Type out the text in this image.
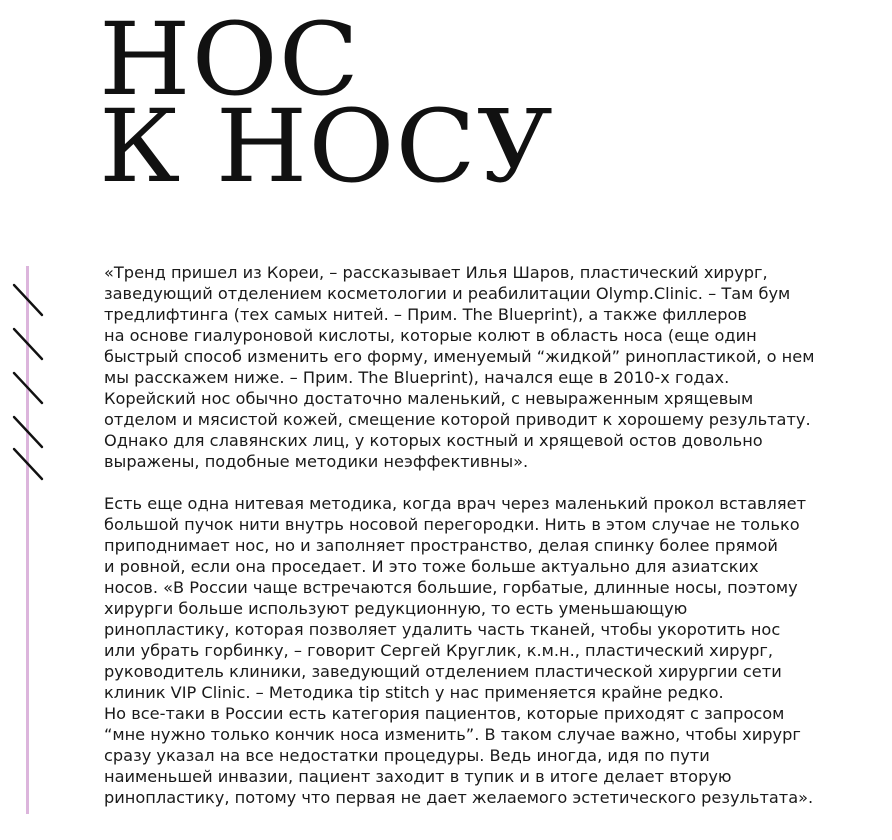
НОС
К НОСУ

«Тренд пришел из Кореи, – рассказывает Илья Шаров, пластический хирург,
заведующий отделением косметологии и реабилитации Olymp.Clinic. – Там бум
тредлифтинга (тех самых нитей. – Прим. The Blueprint), а также филлеров
на основе гиалуроновой кислоты, которые колют в область носа (еще один
быстрый способ изменить его форму, именуемый “жидкой” ринопластикой, о нем
мы расскажем ниже. – Прим. The Blueprint), начался еще в 2010-х годах.
Корейский нос обычно достаточно маленький, с невыраженным хрящевым
отделом и мясистой кожей, смещение которой приводит к хорошему результату.
Однако для славянских лиц, у которых костный и хрящевой остов довольно
выражены, подобные методики неэффективны».

Есть еще одна нитевая методика, когда врач через маленький прокол вставляет
большой пучок нити внутрь носовой перегородки. Нить в этом случае не только
приподнимает нос, но и заполняет пространство, делая спинку более прямой
и ровной, если она проседает. И это тоже больше актуально для азиатских
носов. «В России чаще встречаются большие, горбатые, длинные носы, поэтому
хирурги больше используют редукционную, то есть уменьшающую
ринопластику, которая позволяет удалить часть тканей, чтобы укоротить нос
или убрать горбинку, – говорит Сергей Круглик, к.м.н., пластический хирург,
руководитель клиники, заведующий отделением пластической хирургии сети
клиник VIP Clinic. – Методика tip stitch у нас применяется крайне редко.
Но все-таки в России есть категория пациентов, которые приходят с запросом
“мне нужно только кончик носа изменить”. В таком случае важно, чтобы хирург
сразу указал на все недостатки процедуры. Ведь иногда, идя по пути
наименьшей инвазии, пациент заходит в тупик и в итоге делает вторую
ринопластику, потому что первая не дает желаемого эстетического результата».
